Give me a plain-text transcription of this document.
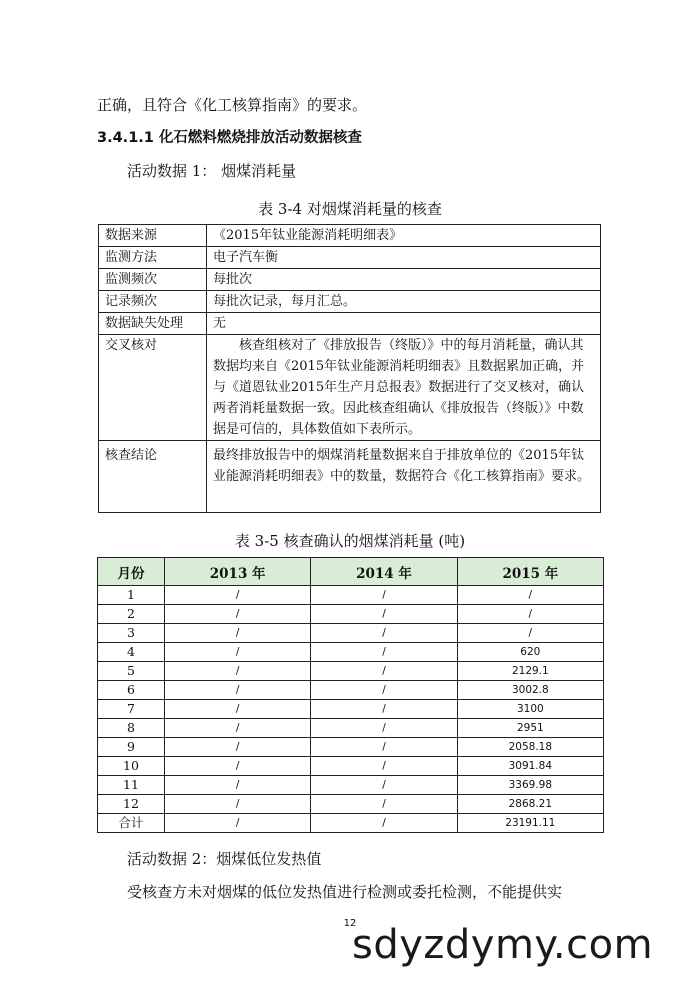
正确，且符合《化工核算指南》的要求。
3.4.1.1 化石燃料燃烧排放活动数据核查
活动数据 1： 烟煤消耗量
表 3-4 对烟煤消耗量的核查
数据来源	《2015年钛业能源消耗明细表》
监测方法	电子汽车衡
监测频次	每批次
记录频次	每批次记录，每月汇总。
数据缺失处理	无
交叉核对	核查组核对了《排放报告（终版）》中的每月消耗量，确认其数据均来自《2015年钛业能源消耗明细表》且数据累加正确，并与《道恩钛业2015年生产月总报表》数据进行了交叉核对，确认两者消耗量数据一致。因此核查组确认《排放报告（终版）》中数据是可信的，具体数值如下表所示。
核查结论	最终排放报告中的烟煤消耗量数据来自于排放单位的《2015年钛业能源消耗明细表》中的数量，数据符合《化工核算指南》要求。
表 3-5 核查确认的烟煤消耗量 (吨)
月份	2013 年	2014 年	2015 年
1	/	/	/
2	/	/	/
3	/	/	/
4	/	/	620
5	/	/	2129.1
6	/	/	3002.8
7	/	/	3100
8	/	/	2951
9	/	/	2058.18
10	/	/	3091.84
11	/	/	3369.98
12	/	/	2868.21
合计	/	/	23191.11
活动数据 2：烟煤低位发热值
受核查方未对烟煤的低位发热值进行检测或委托检测，不能提供实
12
sdyzdymy.com
